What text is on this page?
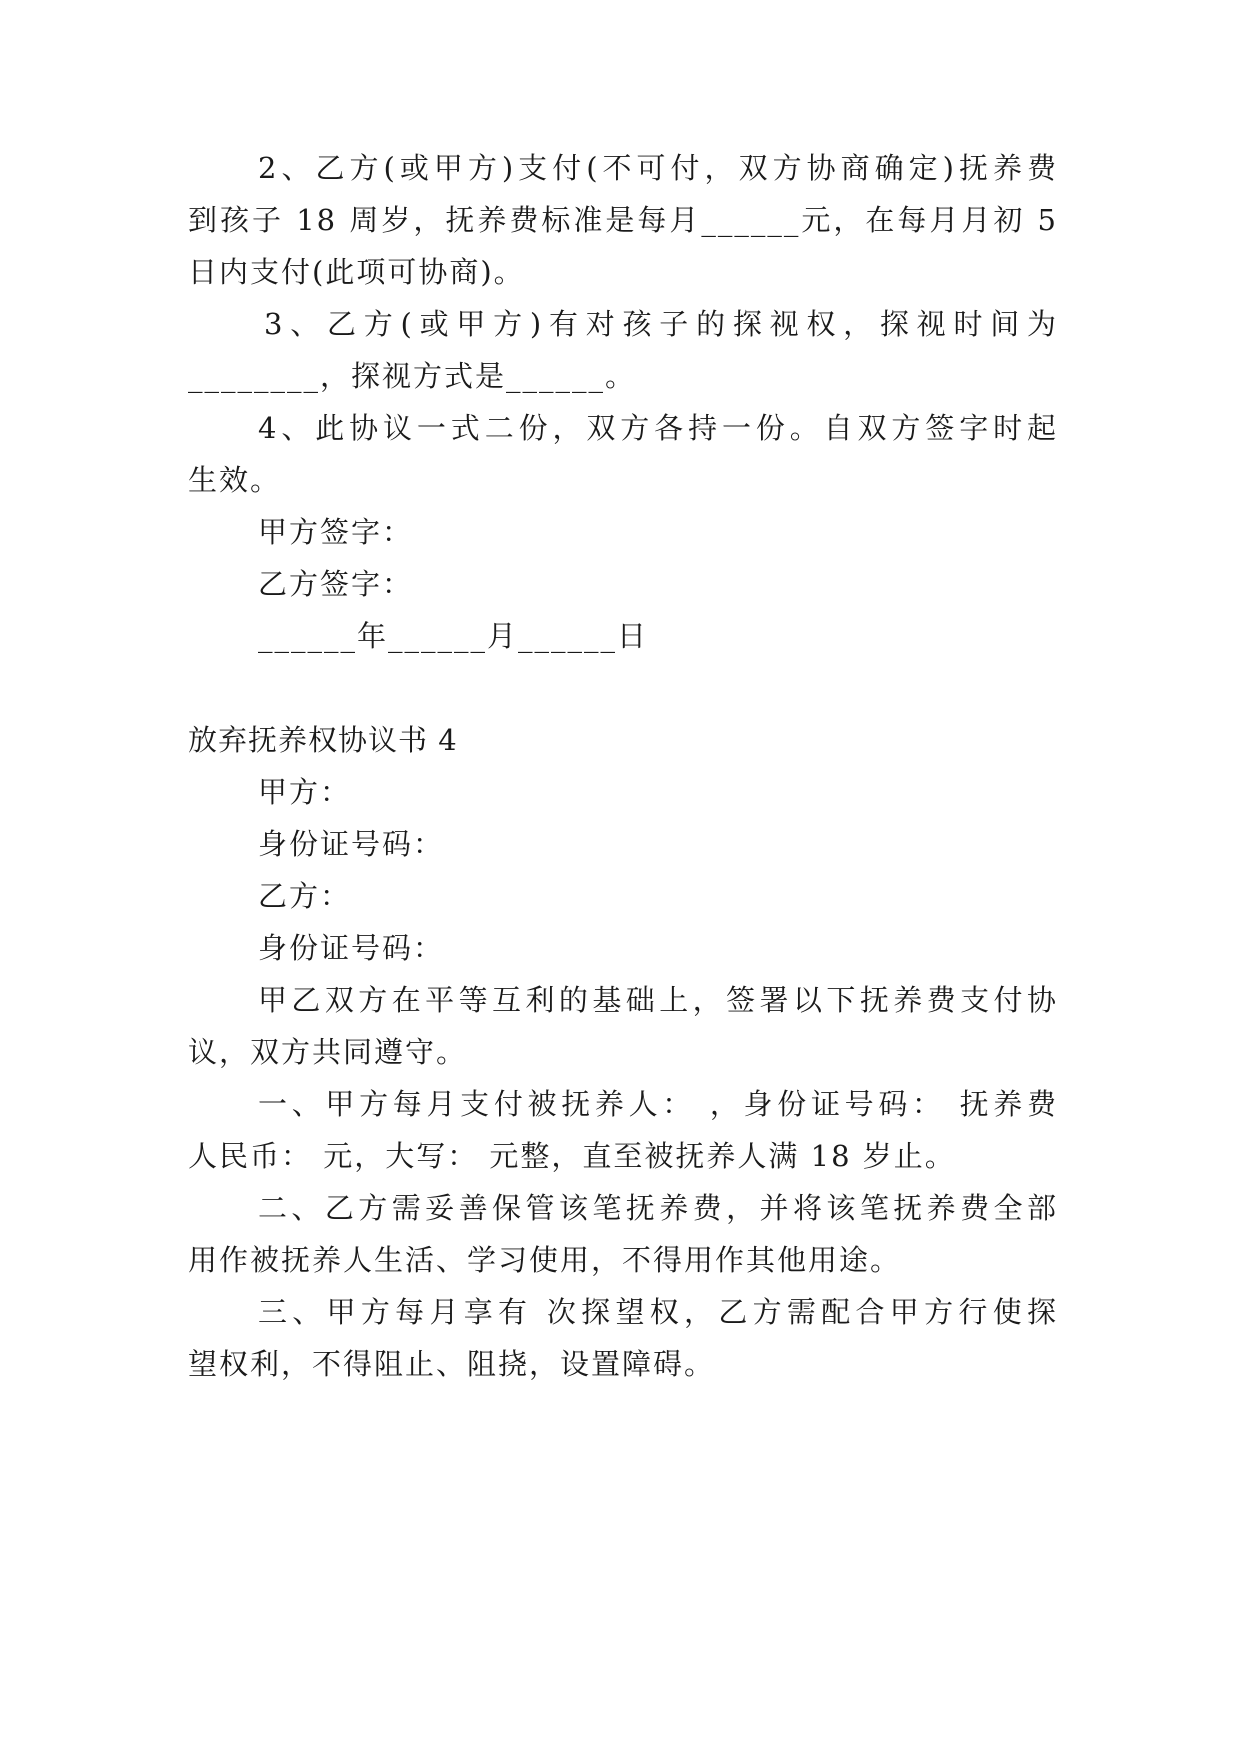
2、乙方(或甲方)支付(不可付，双方协商确定)抚养费
到孩子 18 周岁，抚养费标准是每月______元，在每月月初 5
日内支付(此项可协商)。
3、乙方(或甲方)有对孩子的探视权，探视时间为
________，探视方式是______。
4、此协议一式二份，双方各持一份。自双方签字时起
生效。
甲方签字：
乙方签字：
______年______月______日
放弃抚养权协议书 4
甲方：
身份证号码：
乙方：
身份证号码：
甲乙双方在平等互利的基础上，签署以下抚养费支付协
议，双方共同遵守。
一、甲方每月支付被抚养人： ，身份证号码： 抚养费
人民币： 元，大写： 元整，直至被抚养人满 18 岁止。
二、乙方需妥善保管该笔抚养费，并将该笔抚养费全部
用作被抚养人生活、学习使用，不得用作其他用途。
三、甲方每月享有 次探望权，乙方需配合甲方行使探
望权利，不得阻止、阻挠，设置障碍。
